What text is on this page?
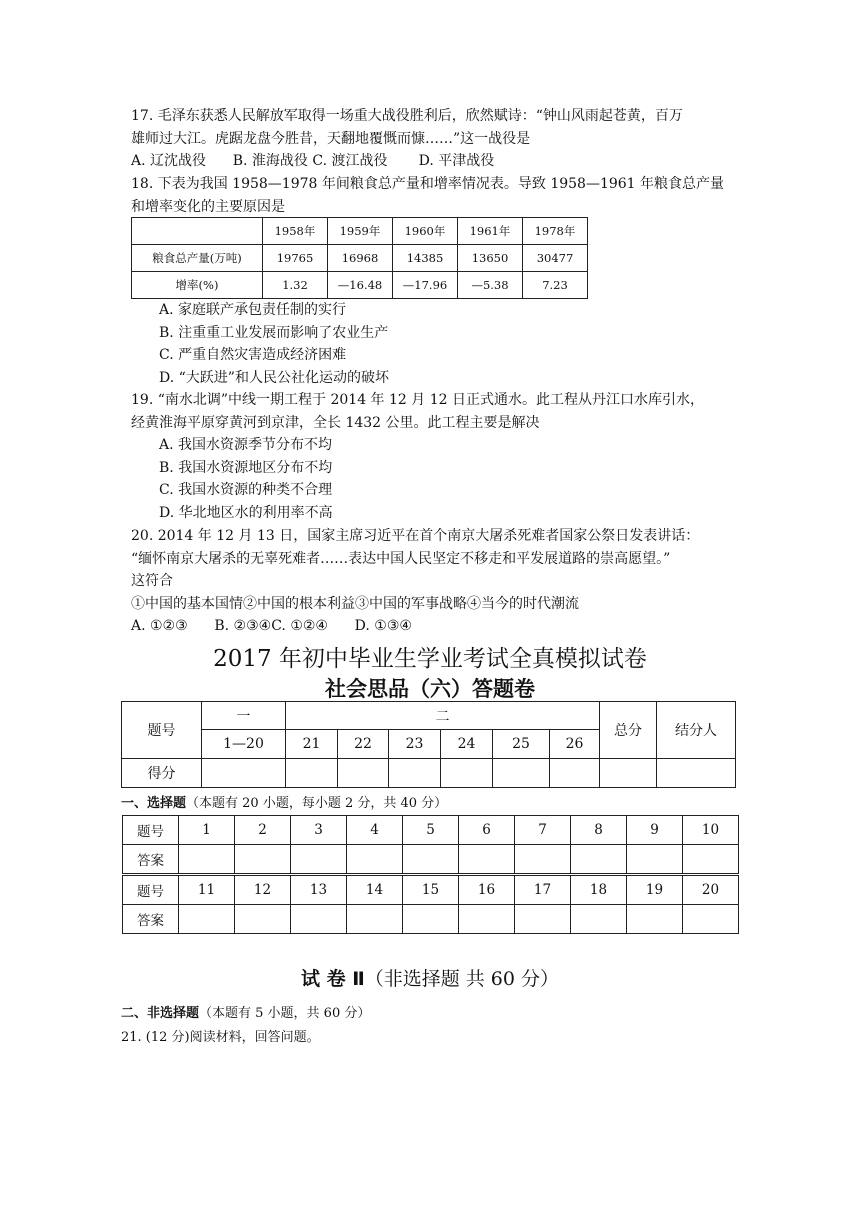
17. 毛泽东获悉人民解放军取得一场重大战役胜利后，欣然赋诗：“钟山风雨起苍黄，百万

雄师过大江。虎踞龙盘今胜昔，天翻地覆慨而慷……”这一战役是

A. 辽沈战役      B. 淮海战役 C. 渡江战役       D. 平津战役

18. 下表为我国 1958—1978 年间粮食总产量和增率情况表。导致 1958—1961 年粮食总产量

和增率变化的主要原因是

	1958年	1959年	1960年	1961年	1978年
粮食总产量(万吨)	19765	16968	14385	13650	30477
增率(%)	1.32	—16.48	—17.96	—5.38	7.23

A. 家庭联产承包责任制的实行

B. 注重重工业发展而影响了农业生产

C. 严重自然灾害造成经济困难

D. “大跃进”和人民公社化运动的破坏

19. “南水北调”中线一期工程于 2014 年 12 月 12 日正式通水。此工程从丹江口水库引水，

经黄淮海平原穿黄河到京津，全长 1432 公里。此工程主要是解决

A. 我国水资源季节分布不均

B. 我国水资源地区分布不均

C. 我国水资源的种类不合理

D. 华北地区水的利用率不高

20. 2014 年 12 月 13 日，国家主席习近平在首个南京大屠杀死难者国家公祭日发表讲话：

“缅怀南京大屠杀的无辜死难者……表达中国人民坚定不移走和平发展道路的崇高愿望。”

这符合

①中国的基本国情②中国的根本利益③中国的军事战略④当今的时代潮流

A. ①②③      B. ②③④C. ①②④      D. ①③④

2017 年初中毕业生学业考试全真模拟试卷
社会思品（六）答题卷
题号	一	二						总分	结分人
	1—20	21	22	23	24	25	26		
得分									
一、选择题（本题有 20 小题，每小题 2 分，共 40 分）
题号	1	2	3	4	5	6	7	8	9	10
答案										
题号	11	12	13	14	15	16	17	18	19	20
答案										
试 卷 Ⅱ（非选择题 共 60 分）
二、非选择题（本题有 5 小题，共 60 分）
21. (12 分)阅读材料，回答问题。
